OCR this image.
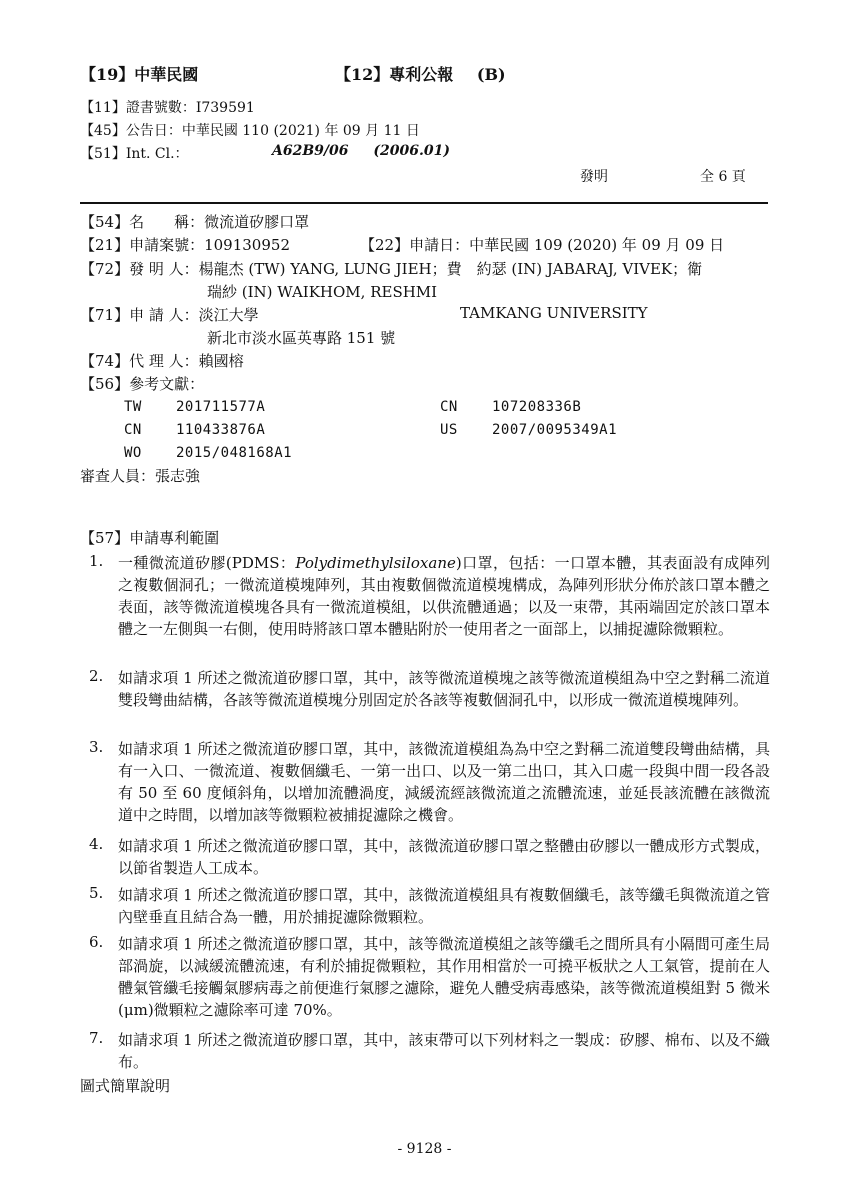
【19】中華民國	【12】專利公報 (B)
【11】證書號數：I739591
【45】公告日：中華民國 110 (2021) 年 09 月 11 日
【51】Int. Cl.：	A62B9/06 (2006.01)
發明	全 6 頁
【54】名　　稱：微流道矽膠口罩
【21】申請案號：109130952	【22】申請日：中華民國 109 (2020) 年 09 月 09 日
【72】發 明 人：楊龍杰 (TW) YANG, LUNG JIEH；費　約瑟 (IN) JABARAJ, VIVEK；衛
瑞紗 (IN) WAIKHOM, RESHMI
【71】申 請 人：淡江大學	TAMKANG UNIVERSITY
新北市淡水區英專路 151 號
【74】代 理 人：賴國榕
【56】參考文獻：
TW 201711577A	CN 107208336B
CN 110433876A	US 2007/0095349A1
WO 2015/048168A1
審查人員：張志強
【57】申請專利範圍
1. 一種微流道矽膠(PDMS：Polydimethylsiloxane)口罩，包括：一口罩本體，其表面設有成陣列之複數個洞孔；一微流道模塊陣列，其由複數個微流道模塊構成，為陣列形狀分佈於該口罩本體之表面，該等微流道模塊各具有一微流道模組，以供流體通過；以及一束帶，其兩端固定於該口罩本體之一左側與一右側，使用時將該口罩本體貼附於一使用者之一面部上，以捕捉濾除微顆粒。
2. 如請求項 1 所述之微流道矽膠口罩，其中，該等微流道模塊之該等微流道模組為中空之對稱二流道雙段彎曲結構，各該等微流道模塊分別固定於各該等複數個洞孔中，以形成一微流道模塊陣列。
3. 如請求項 1 所述之微流道矽膠口罩，其中，該微流道模組為為中空之對稱二流道雙段彎曲結構，具有一入口、一微流道、複數個纖毛、一第一出口、以及一第二出口，其入口處一段與中間一段各設有 50 至 60 度傾斜角，以增加流體渦度，減緩流經該微流道之流體流速，並延長該流體在該微流道中之時間，以增加該等微顆粒被捕捉濾除之機會。
4. 如請求項 1 所述之微流道矽膠口罩，其中，該微流道矽膠口罩之整體由矽膠以一體成形方式製成，以節省製造人工成本。
5. 如請求項 1 所述之微流道矽膠口罩，其中，該微流道模組具有複數個纖毛，該等纖毛與微流道之管內壁垂直且結合為一體，用於捕捉濾除微顆粒。
6. 如請求項 1 所述之微流道矽膠口罩，其中，該等微流道模組之該等纖毛之間所具有小隔間可產生局部渦旋，以減緩流體流速，有利於捕捉微顆粒，其作用相當於一可撓平板狀之人工氣管，提前在人體氣管纖毛接觸氣膠病毒之前便進行氣膠之濾除，避免人體受病毒感染，該等微流道模組對 5 微米(μm)微顆粒之濾除率可達 70%。
7. 如請求項 1 所述之微流道矽膠口罩，其中，該束帶可以下列材料之一製成：矽膠、棉布、以及不織布。
圖式簡單說明
- 9128 -
